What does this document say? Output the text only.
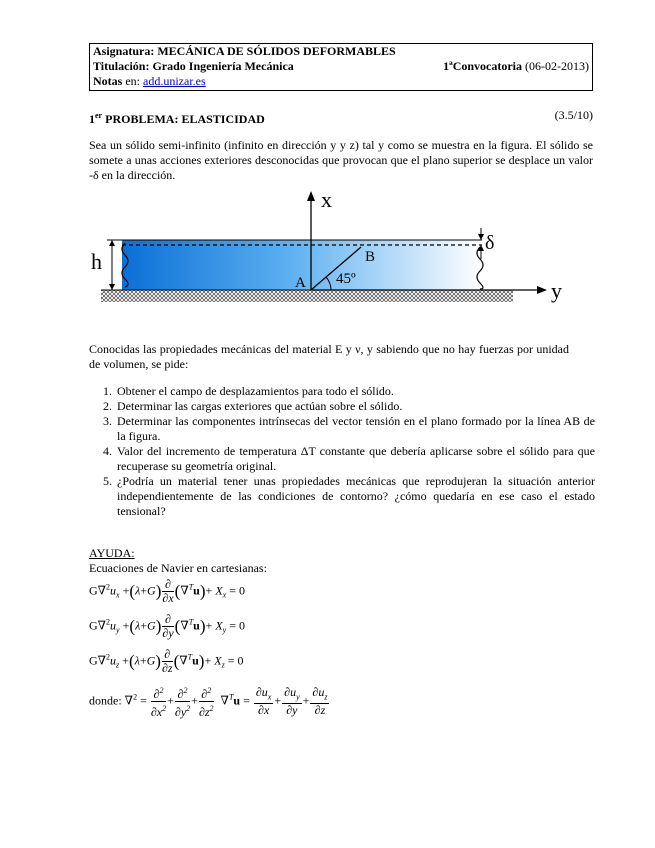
Asignatura: MECÁNICA DE SÓLIDOS DEFORMABLES
Titulación: Grado Ingeniería Mecánica	1ªConvocatoria (06-02-2013)
Notas en: add.unizar.es
1er PROBLEMA: ELASTICIDAD	(3.5/10)
Sea un sólido semi-infinito (infinito en dirección y y z) tal y como se muestra en la figura. El sólido se somete a unas acciones exteriores desconocidas que provocan que el plano superior se desplace un valor -δ en la dirección.
h
δ
x
y
A
B
45º
Conocidas las propiedades mecánicas del material E y ν, y sabiendo que no hay fuerzas por unidad de volumen, se pide:
1. Obtener el campo de desplazamientos para todo el sólido.
2. Determinar las cargas exteriores que actúan sobre el sólido.
3. Determinar las componentes intrínsecas del vector tensión en el plano formado por la línea AB de la figura.
4. Valor del incremento de temperatura ΔT constante que debería aplicarse sobre el sólido para que recuperase su geometría original.
5. ¿Podría un material tener unas propiedades mecánicas que reprodujeran la situación anterior independientemente de las condiciones de contorno? ¿cómo quedaría en ese caso el estado tensional?
AYUDA:
Ecuaciones de Navier en cartesianas:
$G\nabla^2u_x +(\lambda+G) \frac{\partial}{\partial x} (\nabla^Tu)+ X_x = 0$
$G\nabla^2u_y +(\lambda+G) \frac{\partial}{\partial y} (\nabla^Tu)+ X_y = 0$
$G\nabla^2u_z +(\lambda+G) \frac{\partial}{\partial z} (\nabla^Tu)+ X_z = 0$
donde: $\nabla^2 = \frac{\partial^2}{\partial x^2} + \frac{\partial^2}{\partial y^2} + \frac{\partial^2}{\partial z^2} \nabla^Tu = \frac{\partial u_x}{\partial x} + \frac{\partial u_y}{\partial y} + \frac{\partial u_z}{\partial z}$
